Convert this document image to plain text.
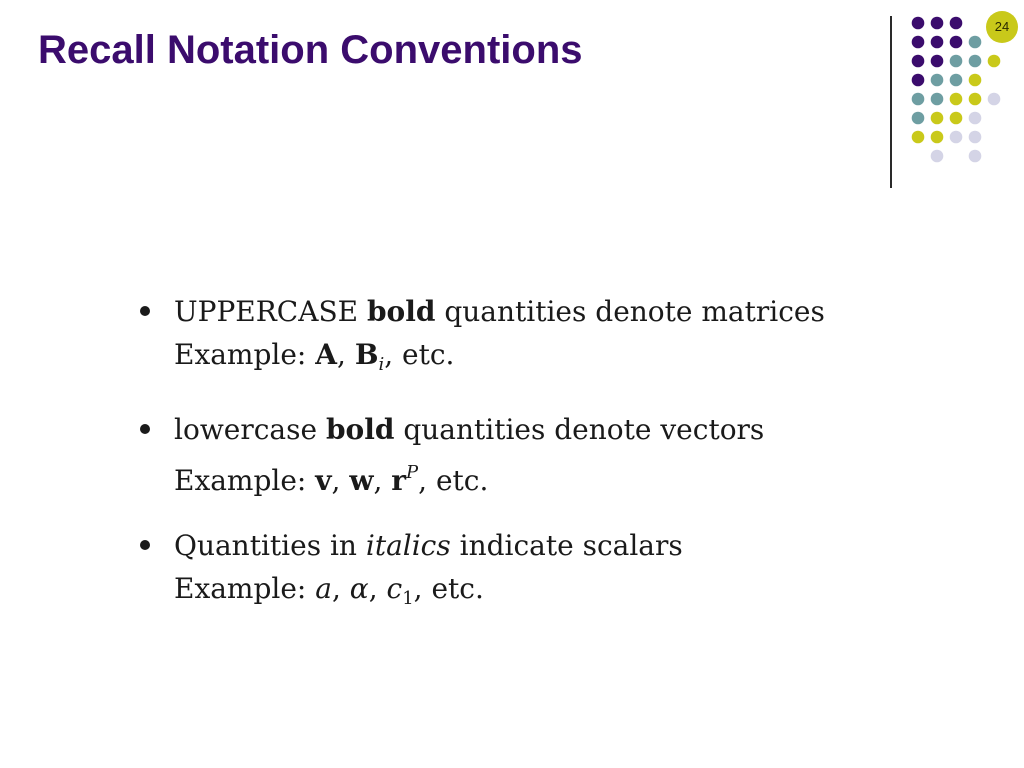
Recall Notation Conventions
24
UPPERCASE bold quantities denote matrices
Example: A, $B_i$, etc.
lowercase bold quantities denote vectors
Example: v, w, $r^P$, etc.
Quantities in italics indicate scalars
Example: a, α, $c_1$, etc.
